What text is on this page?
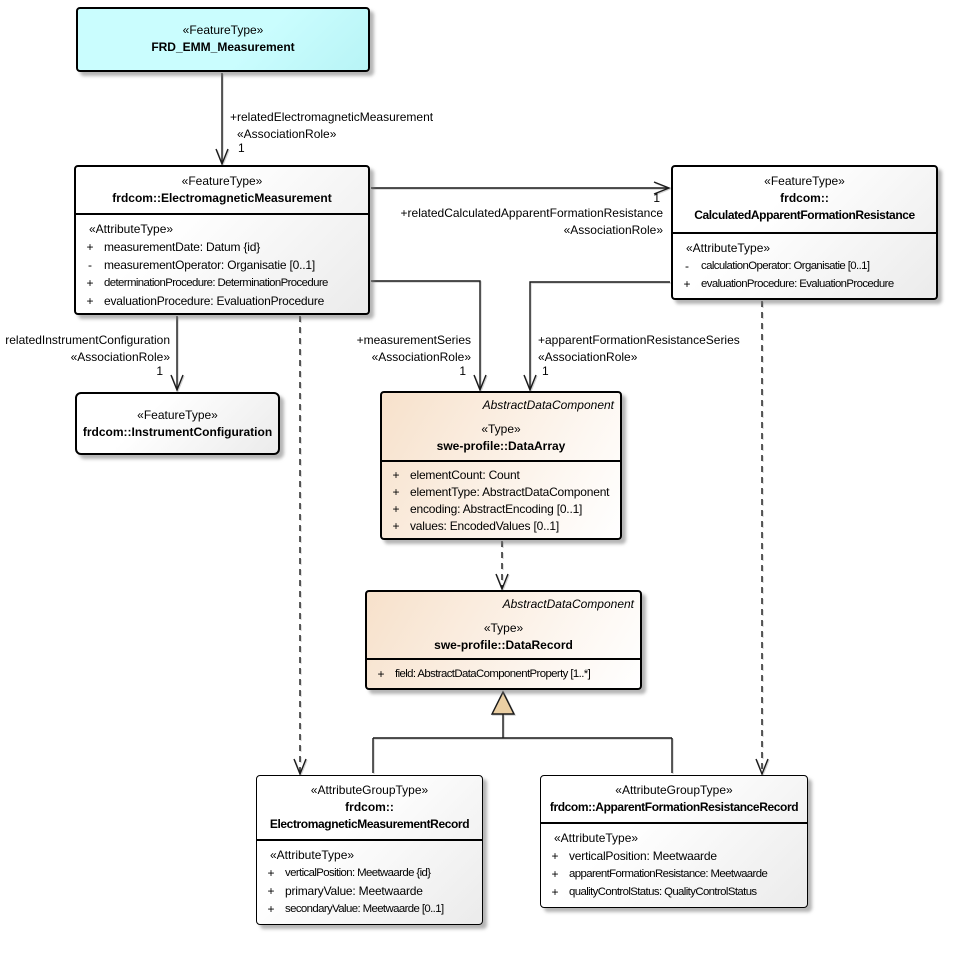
«FeatureType»
FRD_EMM_Measurement
«FeatureType»
frdcom::ElectromagneticMeasurement
«AttributeType»
+ measurementDate: Datum {id}
-	measurementOperator: Organisatie [0..1]
+ determinationProcedure: DeterminationProcedure
+ evaluationProcedure: EvaluationProcedure
«FeatureType»
frdcom::
CalculatedApparentFormationResistance
«AttributeType»
-	calculationOperator: Organisatie [0..1]
+ evaluationProcedure: EvaluationProcedure
«FeatureType»
frdcom::InstrumentConfiguration
AbstractDataComponent
«Type»
swe-profile::DataArray
+ elementCount: Count
+ elementType: AbstractDataComponent
+ encoding: AbstractEncoding [0..1]
+ values: EncodedValues [0..1]
AbstractDataComponent
«Type»
swe-profile::DataRecord
+ field: AbstractDataComponentProperty [1..*]
«AttributeGroupType»
frdcom::
ElectromagneticMeasurementRecord
«AttributeType»
+ verticalPosition: Meetwaarde {id}
+ primaryValue: Meetwaarde
+ secondaryValue: Meetwaarde [0..1]
«AttributeGroupType»
frdcom::ApparentFormationResistanceRecord
«AttributeType»
+ verticalPosition: Meetwaarde
+ apparentFormationResistance: Meetwaarde
+ qualityControlStatus: QualityControlStatus
+relatedElectromagneticMeasurement
«AssociationRole»
1
1
+relatedCalculatedApparentFormationResistance
«AssociationRole»
relatedInstrumentConfiguration
«AssociationRole»
1
+measurementSeries
«AssociationRole»
1
+apparentFormationResistanceSeries
«AssociationRole»
1
